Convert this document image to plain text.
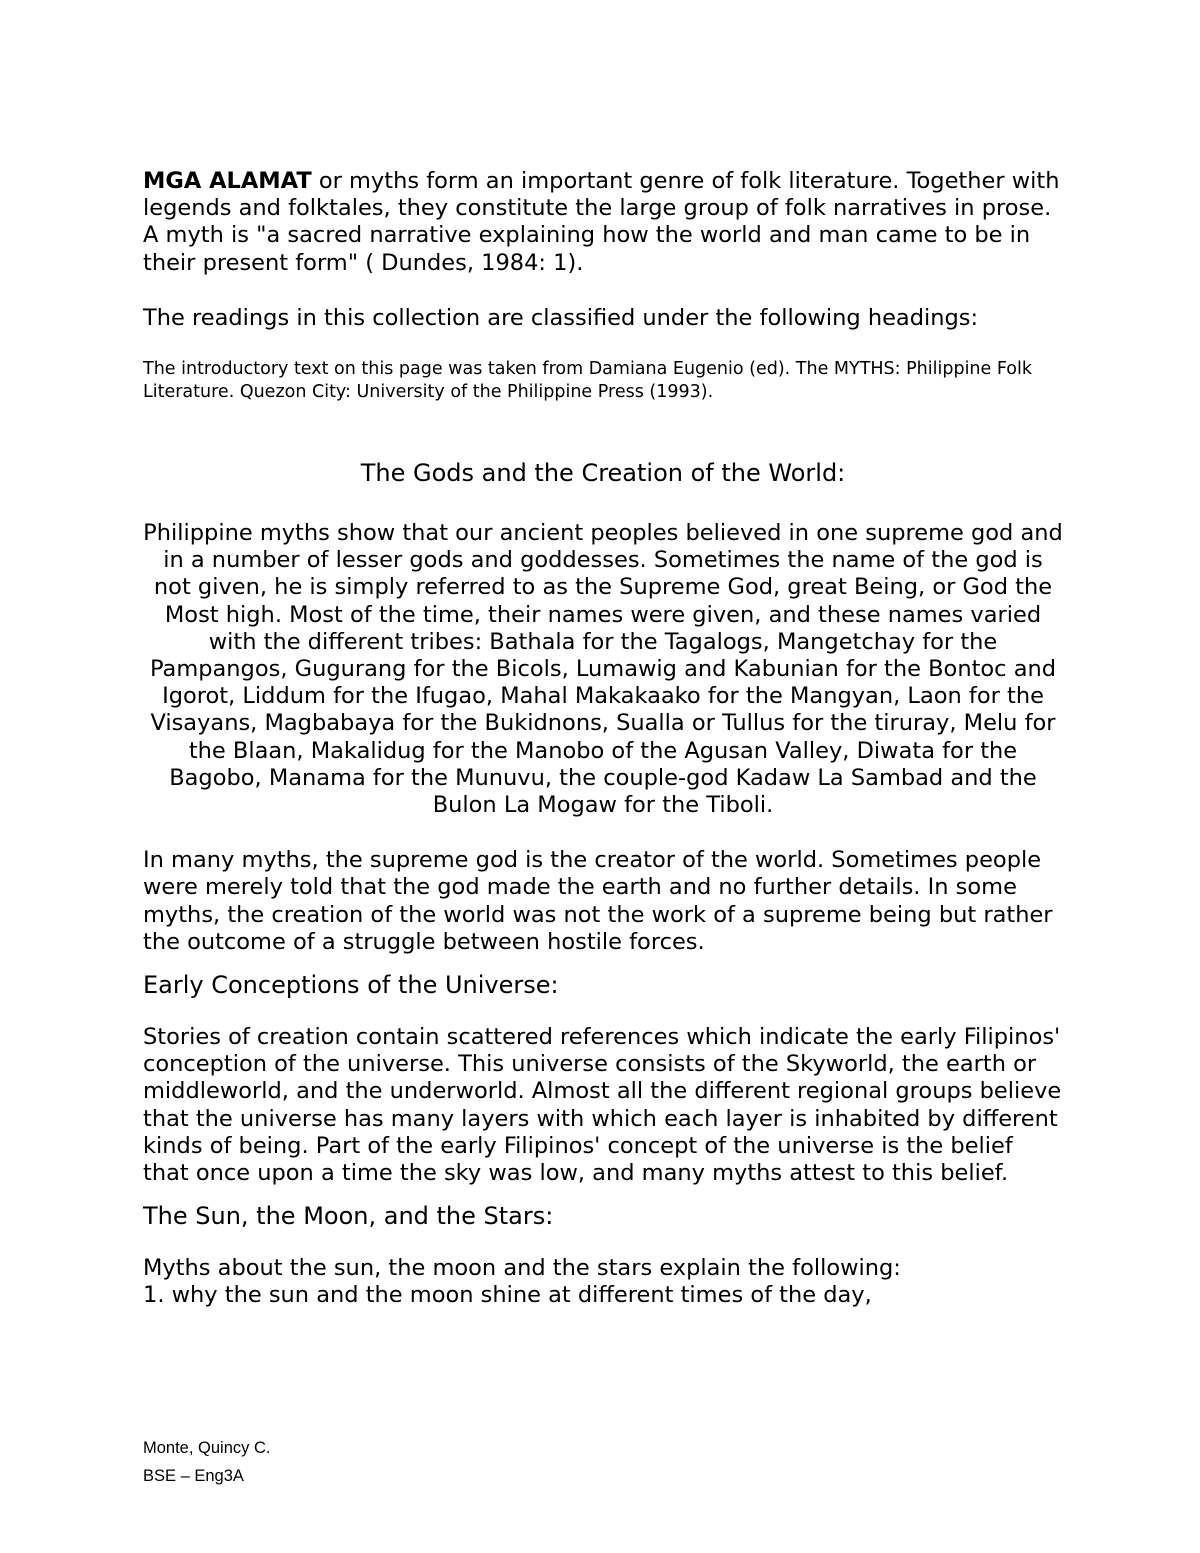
MGA ALAMAT or myths form an important genre of folk literature. Together with legends and folktales, they constitute the large group of folk narratives in prose. A myth is "a sacred narrative explaining how the world and man came to be in their present form" ( Dundes, 1984: 1).

The readings in this collection are classified under the following headings:

The introductory text on this page was taken from Damiana Eugenio (ed). The MYTHS: Philippine Folk Literature. Quezon City: University of the Philippine Press (1993).

The Gods and the Creation of the World:

Philippine myths show that our ancient peoples believed in one supreme god and in a number of lesser gods and goddesses. Sometimes the name of the god is not given, he is simply referred to as the Supreme God, great Being, or God the Most high. Most of the time, their names were given, and these names varied with the different tribes: Bathala for the Tagalogs, Mangetchay for the Pampangos, Gugurang for the Bicols, Lumawig and Kabunian for the Bontoc and Igorot, Liddum for the Ifugao, Mahal Makakaako for the Mangyan, Laon for the Visayans, Magbabaya for the Bukidnons, Sualla or Tullus for the tiruray, Melu for the Blaan, Makalidug for the Manobo of the Agusan Valley, Diwata for the Bagobo, Manama for the Munuvu, the couple-god Kadaw La Sambad and the Bulon La Mogaw for the Tiboli.

In many myths, the supreme god is the creator of the world. Sometimes people were merely told that the god made the earth and no further details. In some myths, the creation of the world was not the work of a supreme being but rather the outcome of a struggle between hostile forces.

Early Conceptions of the Universe:

Stories of creation contain scattered references which indicate the early Filipinos' conception of the universe. This universe consists of the Skyworld, the earth or middleworld, and the underworld. Almost all the different regional groups believe that the universe has many layers with which each layer is inhabited by different kinds of being. Part of the early Filipinos' concept of the universe is the belief that once upon a time the sky was low, and many myths attest to this belief.

The Sun, the Moon, and the Stars:

Myths about the sun, the moon and the stars explain the following:

1. why the sun and the moon shine at different times of the day,

Monte, Quincy C.
BSE – Eng3A
